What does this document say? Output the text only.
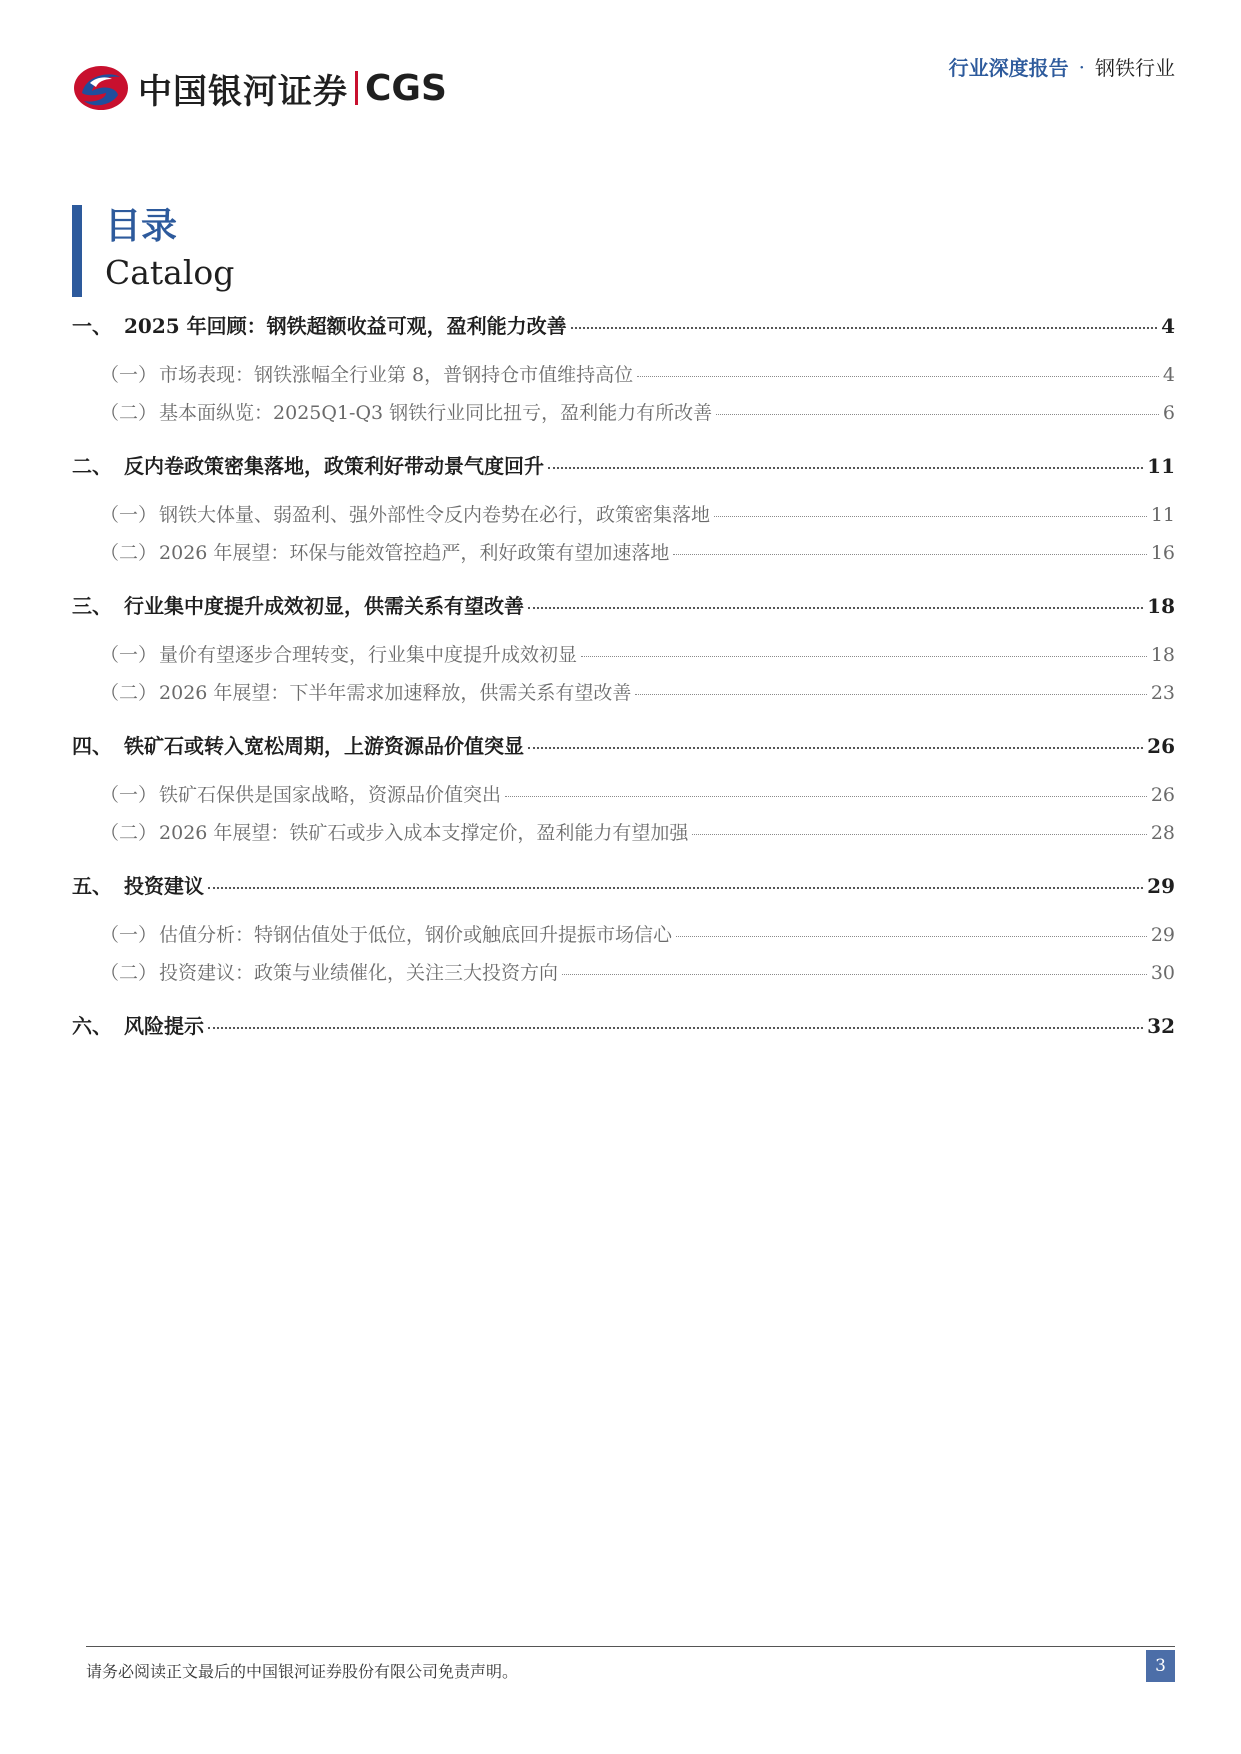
中国银河证券 CGS	行业深度报告 · 钢铁行业
目录
Catalog
一、 2025 年回顾：钢铁超额收益可观，盈利能力改善	4
（一） 市场表现：钢铁涨幅全行业第 8，普钢持仓市值维持高位	4
（二） 基本面纵览：2025Q1-Q3 钢铁行业同比扭亏，盈利能力有所改善	6
二、 反内卷政策密集落地，政策利好带动景气度回升	11
（一） 钢铁大体量、弱盈利、强外部性令反内卷势在必行，政策密集落地	11
（二） 2026 年展望：环保与能效管控趋严，利好政策有望加速落地	16
三、 行业集中度提升成效初显，供需关系有望改善	18
（一） 量价有望逐步合理转变，行业集中度提升成效初显	18
（二） 2026 年展望：下半年需求加速释放，供需关系有望改善	23
四、 铁矿石或转入宽松周期，上游资源品价值突显	26
（一） 铁矿石保供是国家战略，资源品价值突出	26
（二） 2026 年展望：铁矿石或步入成本支撑定价，盈利能力有望加强	28
五、 投资建议	29
（一） 估值分析：特钢估值处于低位，钢价或触底回升提振市场信心	29
（二） 投资建议：政策与业绩催化，关注三大投资方向	30
六、 风险提示	32
请务必阅读正文最后的中国银河证券股份有限公司免责声明。	3
